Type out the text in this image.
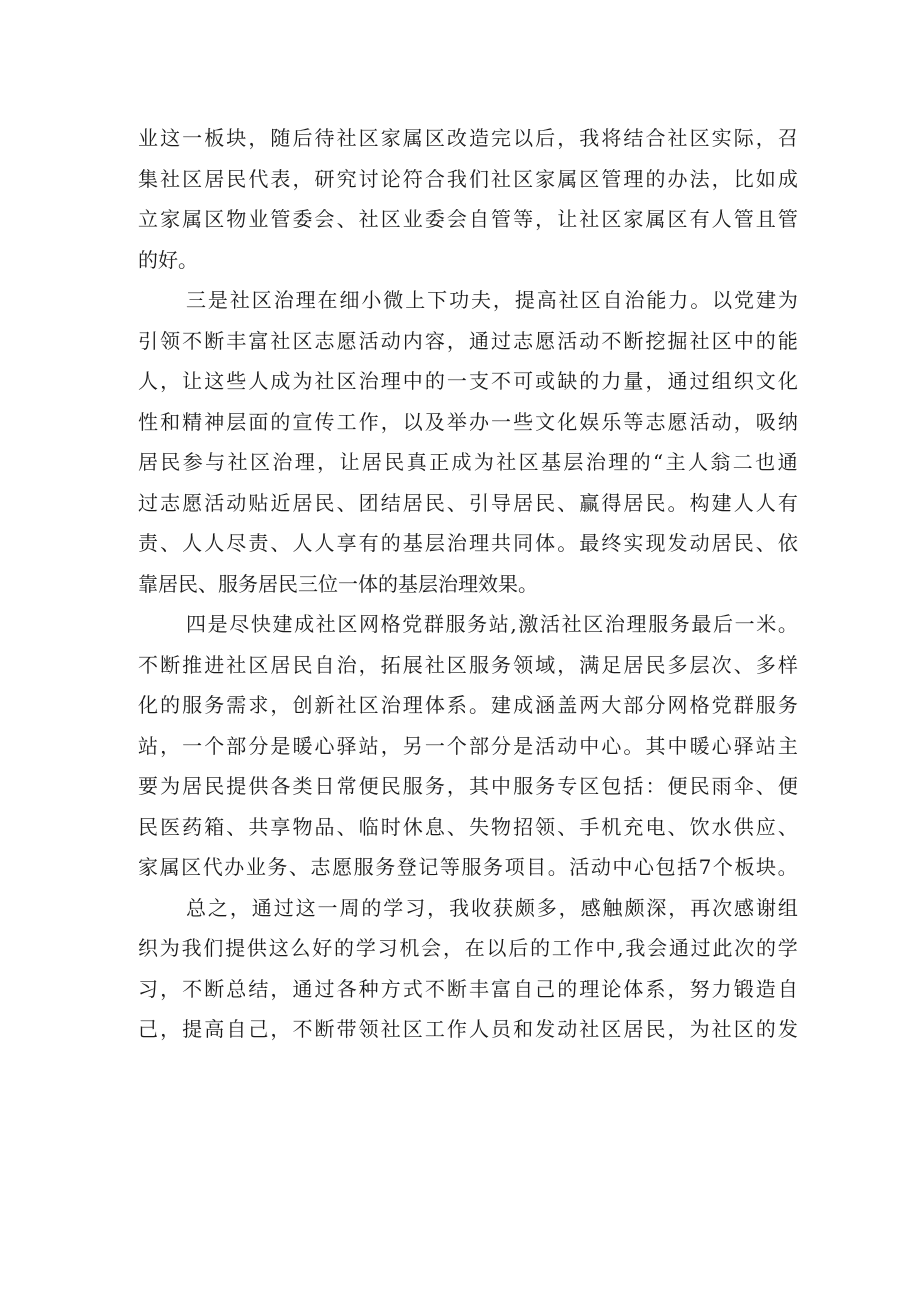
业 这 一 板 块 ， 随 后 待 社 区 家 属 区 改 造 完 以 后 ， 我 将 结 合 社 区 实 际 ， 召
集 社 区 居 民 代 表 ， 研 究 讨 论 符 合 我 们 社 区 家 属 区 管 理 的 办 法 ， 比 如 成
立 家 属 区 物 业 管 委 会 、 社 区 业 委 会 自 管 等 ， 让 社 区 家 属 区 有 人 管 且 管
的好。
三 是 社 区 治 理 在 细 小 微 上 下 功 夫 ， 提 高 社 区 自 治 能 力 。 以 党 建 为
引 领 不 断 丰 富 社 区 志 愿 活 动 内 容 ， 通 过 志 愿 活 动 不 断 挖 掘 社 区 中 的 能
人 ， 让 这 些 人 成 为 社 区 治 理 中 的 一 支 不 可 或 缺 的 力 量 ， 通 过 组 织 文 化
性 和 精 神 层 面 的 宣 传 工 作 ， 以 及 举 办 一 些 文 化 娱 乐 等 志 愿 活 动 ， 吸 纳
居 民 参 与 社 区 治 理 ， 让 居 民 真 正 成 为 社 区 基 层 治 理 的 “ 主 人 翁 二 也 通
过 志 愿 活 动 贴 近 居 民 、 团 结 居 民 、 引 导 居 民 、 赢 得 居 民 。 构 建 人 人 有
责 、 人 人 尽 责 、 人 人 享 有 的 基 层 治 理 共 同 体 。 最 终 实 现 发 动 居 民 、 依
靠居民、服务居民三位一体的基层治理效果。
四 是 尽 快 建 成 社 区 网 格 党 群 服 务 站 , 激 活 社 区 治 理 服 务 最 后 一 米 。
不 断 推 进 社 区 居 民 自 治 ， 拓 展 社 区 服 务 领 域 ， 满 足 居 民 多 层 次 、 多 样
化 的 服 务 需 求 ， 创 新 社 区 治 理 体 系 。 建 成 涵 盖 两 大 部 分 网 格 党 群 服 务
站 ， 一 个 部 分 是 暖 心 驿 站 ， 另 一 个 部 分 是 活 动 中 心 。 其 中 暖 心 驿 站 主
要 为 居 民 提 供 各 类 日 常 便 民 服 务 ， 其 中 服 务 专 区 包 括 ： 便 民 雨 伞 、 便
民 医 药 箱 、 共 享 物 品 、 临 时 休 息 、 失 物 招 领 、 手 机 充 电 、 饮 水 供 应 、
家 属 区 代 办 业 务 、 志 愿 服 务 登 记 等 服 务 项 目 。 活 动 中 心 包 括 7 个 板 块 。
总 之 ， 通 过 这 一 周 的 学 习 ， 我 收 获 颇 多 ， 感 触 颇 深 ， 再 次 感 谢 组
织 为 我 们 提 供 这 么 好 的 学 习 机 会 ， 在 以 后 的 工 作 中 , 我 会 通 过 此 次 的 学
习 ， 不 断 总 结 ， 通 过 各 种 方 式 不 断 丰 富 自 己 的 理 论 体 系 ， 努 力 锻 造 自
己 ， 提 高 自 己 ， 不 断 带 领 社 区 工 作 人 员 和 发 动 社 区 居 民 ， 为 社 区 的 发
